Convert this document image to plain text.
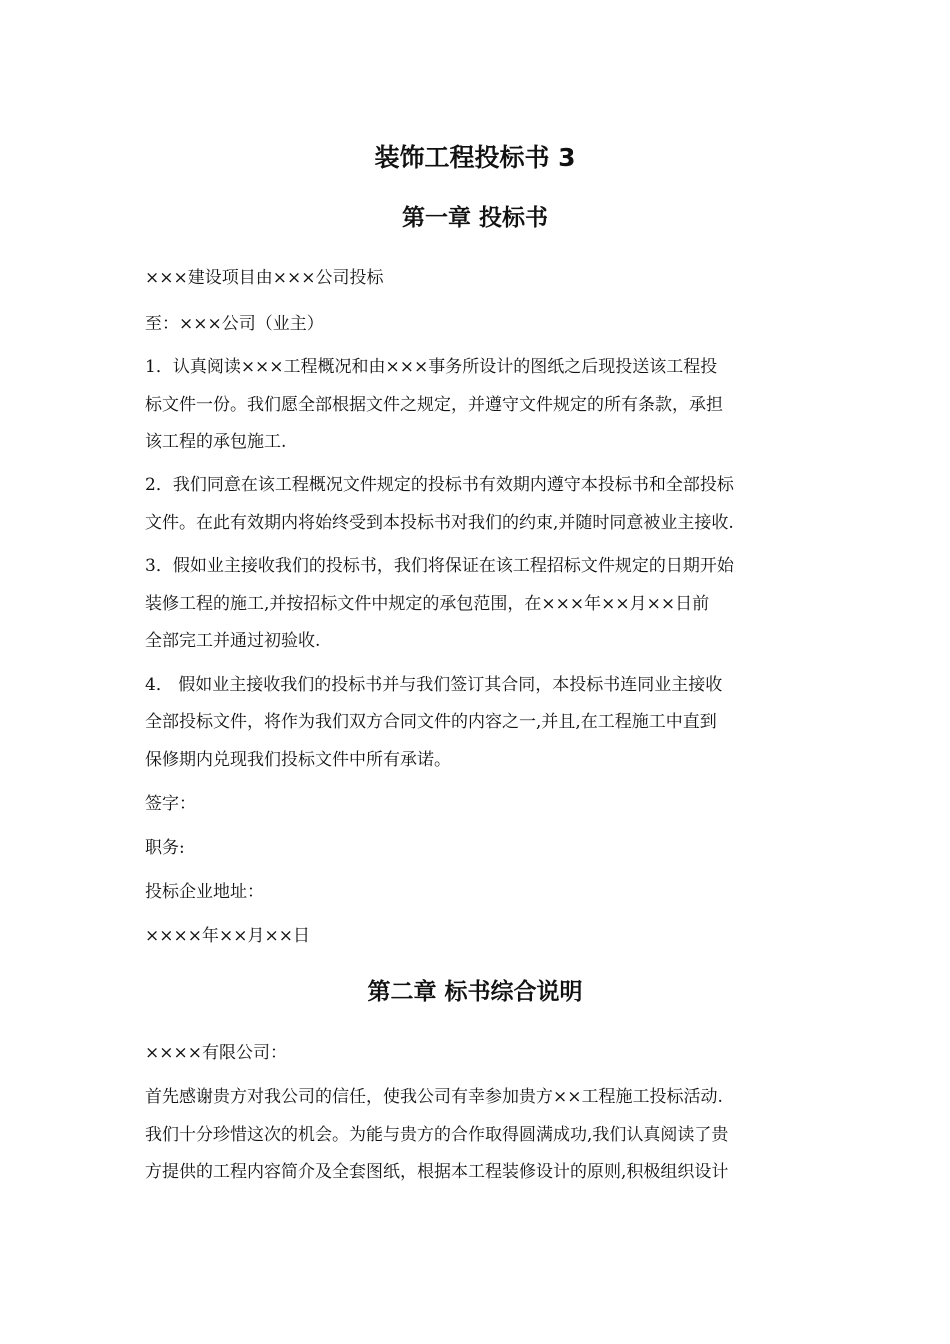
装饰工程投标书 3
第一章 投标书
×××建设项目由×××公司投标
至：×××公司（业主）
1．认真阅读×××工程概况和由×××事务所设计的图纸之后现投送该工程投
标文件一份。我们愿全部根据文件之规定，并遵守文件规定的所有条款，承担
该工程的承包施工.
2．我们同意在该工程概况文件规定的投标书有效期内遵守本投标书和全部投标
文件。在此有效期内将始终受到本投标书对我们的约束,并随时同意被业主接收.
3．假如业主接收我们的投标书，我们将保证在该工程招标文件规定的日期开始
装修工程的施工,并按招标文件中规定的承包范围，在×××年××月××日前
全部完工并通过初验收.
4． 假如业主接收我们的投标书并与我们签订其合同，本投标书连同业主接收
全部投标文件，将作为我们双方合同文件的内容之一,并且,在工程施工中直到
保修期内兑现我们投标文件中所有承诺。
签字：
职务:
投标企业地址：
××××年××月××日
第二章 标书综合说明
××××有限公司：
首先感谢贵方对我公司的信任，使我公司有幸参加贵方××工程施工投标活动.
我们十分珍惜这次的机会。为能与贵方的合作取得圆满成功,我们认真阅读了贵
方提供的工程内容简介及全套图纸，根据本工程装修设计的原则,积极组织设计
